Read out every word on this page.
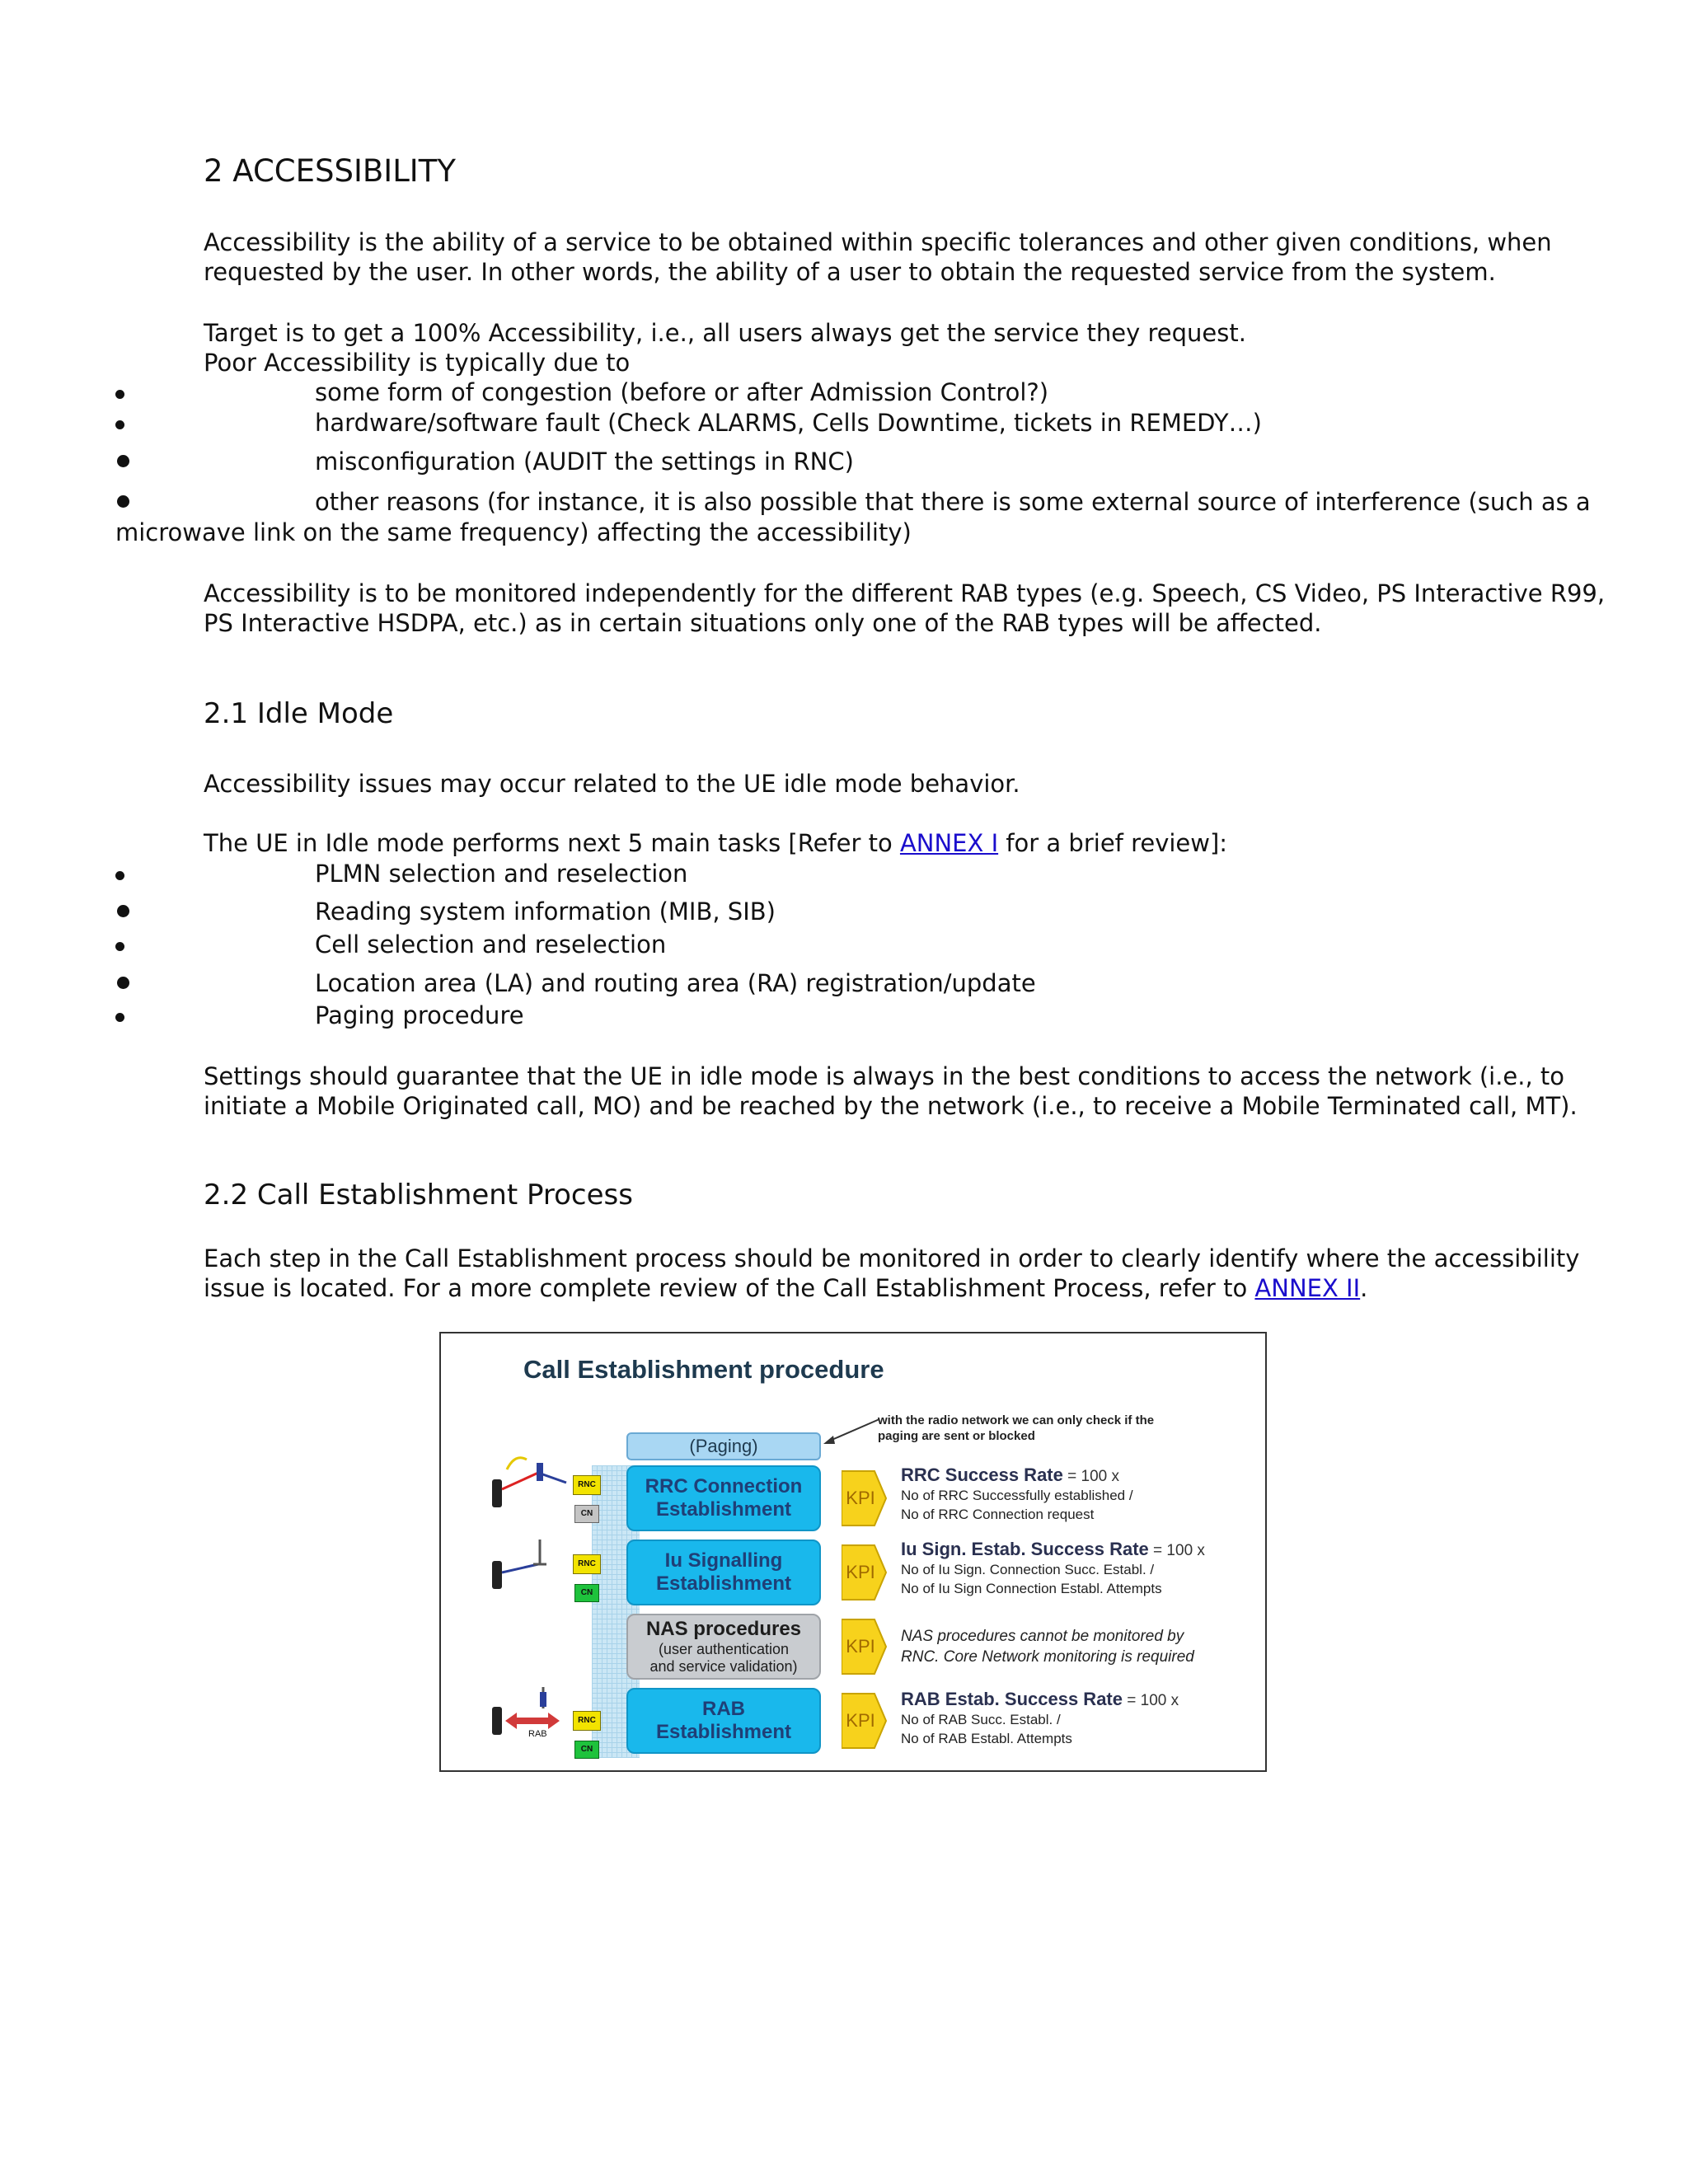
2 ACCESSIBILITY
Accessibility is the ability of a service to be obtained within specific tolerances and other given conditions, when
requested by the user. In other words, the ability of a user to obtain the requested service from the system.
Target is to get a 100% Accessibility, i.e., all users always get the service they request.
Poor Accessibility is typically due to
some form of congestion (before or after Admission Control?)
hardware/software fault (Check ALARMS, Cells Downtime, tickets in REMEDY…)
misconfiguration (AUDIT the settings in RNC)
other reasons (for instance, it is also possible that there is some external source of interference (such as a
microwave link on the same frequency) affecting the accessibility)
Accessibility is to be monitored independently for the different RAB types (e.g. Speech, CS Video, PS Interactive R99,
PS Interactive HSDPA, etc.) as in certain situations only one of the RAB types will be affected.
2.1 Idle Mode
Accessibility issues may occur related to the UE idle mode behavior.
The UE in Idle mode performs next 5 main tasks [Refer to ANNEX I for a brief review]:
PLMN selection and reselection
Reading system information (MIB, SIB)
Cell selection and reselection
Location area (LA) and routing area (RA) registration/update
Paging procedure
Settings should guarantee that the UE in idle mode is always in the best conditions to access the network (i.e., to
initiate a Mobile Originated call, MO) and be reached by the network (i.e., to receive a Mobile Terminated call, MT).
2.2 Call Establishment Process
Each step in the Call Establishment process should be monitored in order to clearly identify where the accessibility
issue is located. For a more complete review of the Call Establishment Process, refer to ANNEX II.
Call Establishment procedure
with the radio network we can only check if the paging are sent or blocked
(Paging)
RRC Connection
Establishment
Iu Signalling
Establishment
NAS procedures
(user authentication
and service validation)
RAB
Establishment
KPI
KPI
KPI
KPI
RRC Success Rate = 100 x
No of RRC Successfully established /
No of RRC Connection request
Iu Sign. Estab. Success Rate = 100 x
No of Iu Sign. Connection Succ. Establ. /
No of Iu Sign Connection Establ. Attempts
NAS procedures cannot be monitored by
RNC. Core Network monitoring is required
RAB Estab. Success Rate = 100 x
No of RAB Succ. Establ. /
No of RAB Establ. Attempts
RNC
CN
RNC
CN
RAB
RNC
CN
